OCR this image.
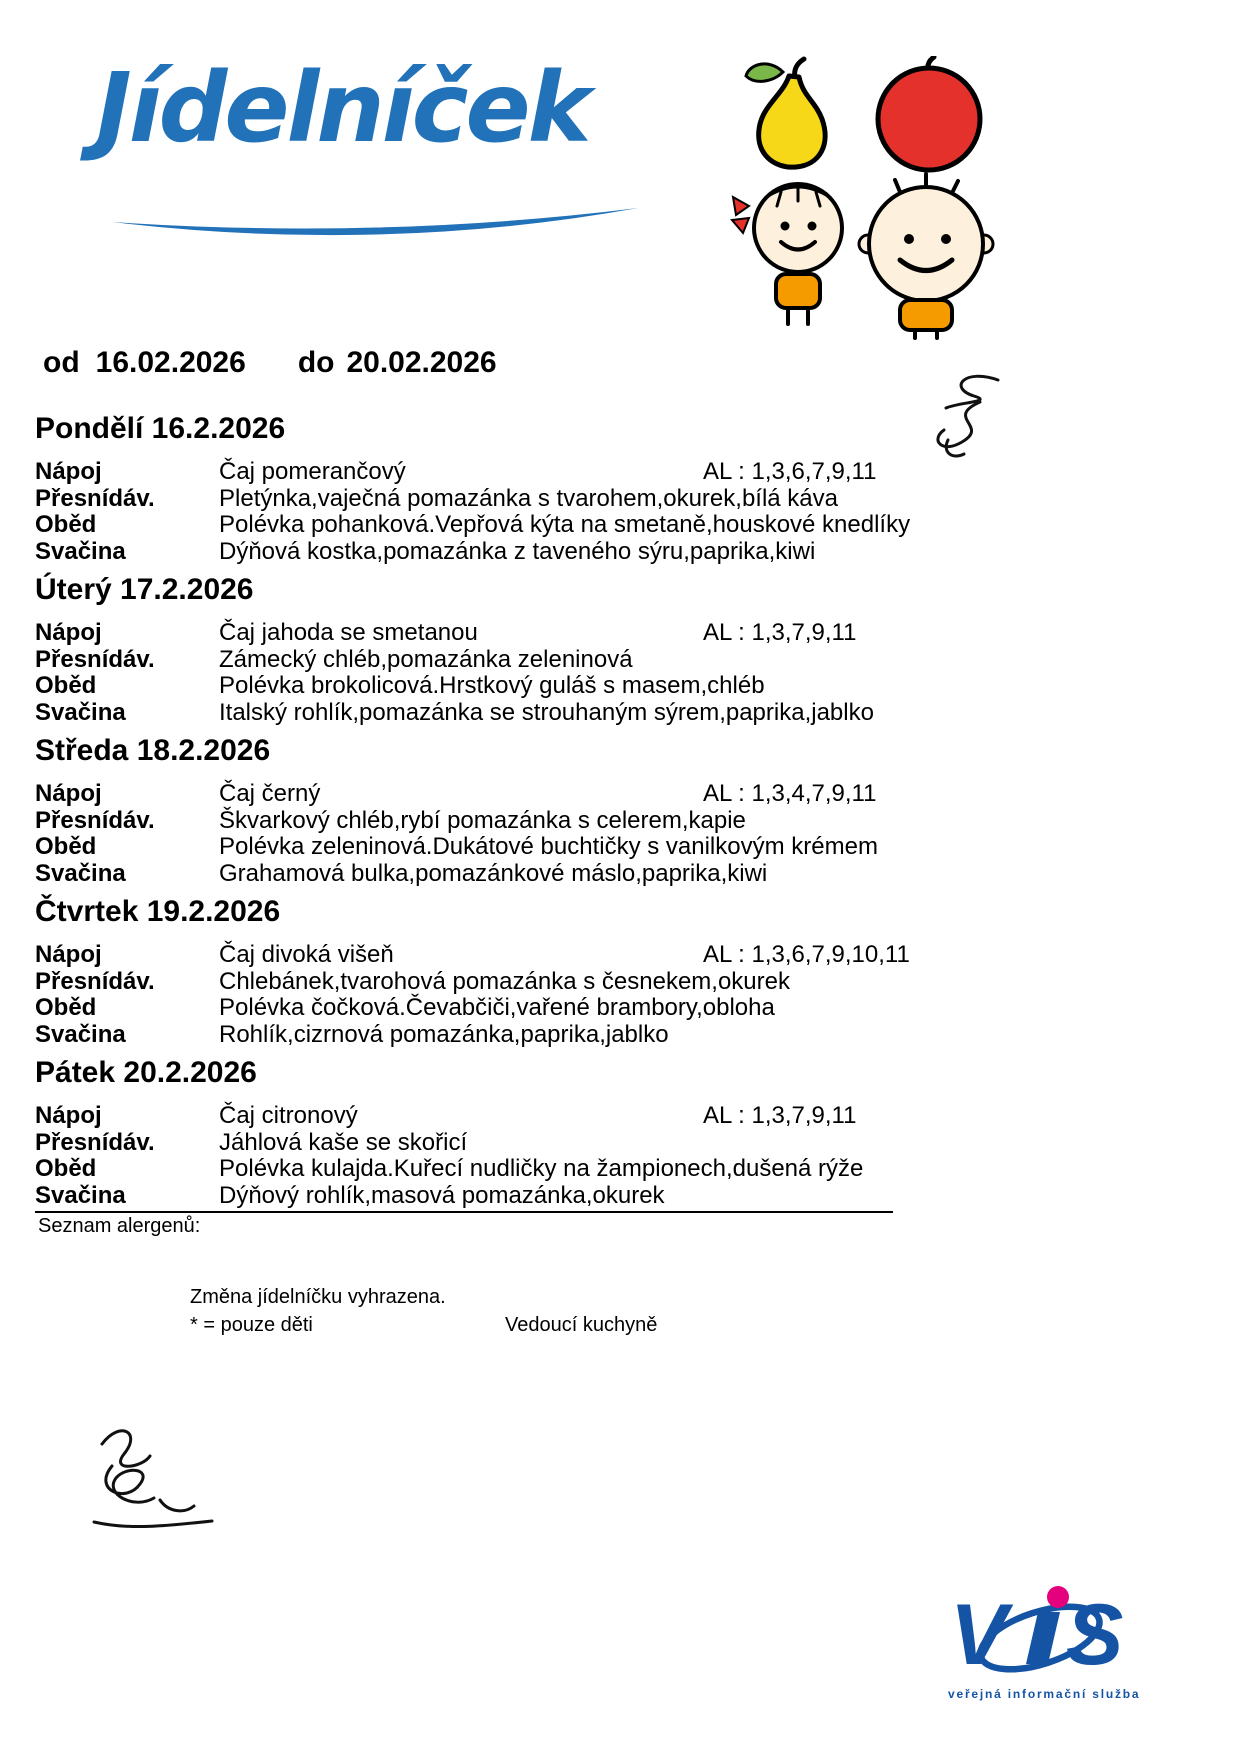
Jídelníček
od 16.02.2026 do 20.02.2026
Pondělí 16.2.2026
Nápoj	Čaj pomerančový	AL : 1,3,6,7,9,11
Přesnídáv.	Pletýnka,vaječná pomazánka s tvarohem,okurek,bílá káva
Oběd	Polévka pohanková.Vepřová kýta na smetaně,houskové knedlíky
Svačina	Dýňová kostka,pomazánka z taveného sýru,paprika,kiwi
Úterý 17.2.2026
Nápoj	Čaj jahoda se smetanou	AL : 1,3,7,9,11
Přesnídáv.	Zámecký chléb,pomazánka zeleninová
Oběd	Polévka brokolicová.Hrstkový guláš s masem,chléb
Svačina	Italský rohlík,pomazánka se strouhaným sýrem,paprika,jablko
Středa 18.2.2026
Nápoj	Čaj černý	AL : 1,3,4,7,9,11
Přesnídáv.	Škvarkový chléb,rybí pomazánka s celerem,kapie
Oběd	Polévka zeleninová.Dukátové buchtičky s vanilkovým krémem
Svačina	Grahamová bulka,pomazánkové máslo,paprika,kiwi
Čtvrtek 19.2.2026
Nápoj	Čaj divoká višeň	AL : 1,3,6,7,9,10,11
Přesnídáv.	Chlebánek,tvarohová pomazánka s česnekem,okurek
Oběd	Polévka čočková.Čevabčiči,vařené brambory,obloha
Svačina	Rohlík,cizrnová pomazánka,paprika,jablko
Pátek 20.2.2026
Nápoj	Čaj citronový	AL : 1,3,7,9,11
Přesnídáv.	Jáhlová kaše se skořicí
Oběd	Polévka kulajda.Kuřecí nudličky na žampionech,dušená rýže
Svačina	Dýňový rohlík,masová pomazánka,okurek
Seznam alergenů:
Změna jídelníčku vyhrazena.
* = pouze děti	Vedoucí kuchyně
V S
veřejná informační služba
